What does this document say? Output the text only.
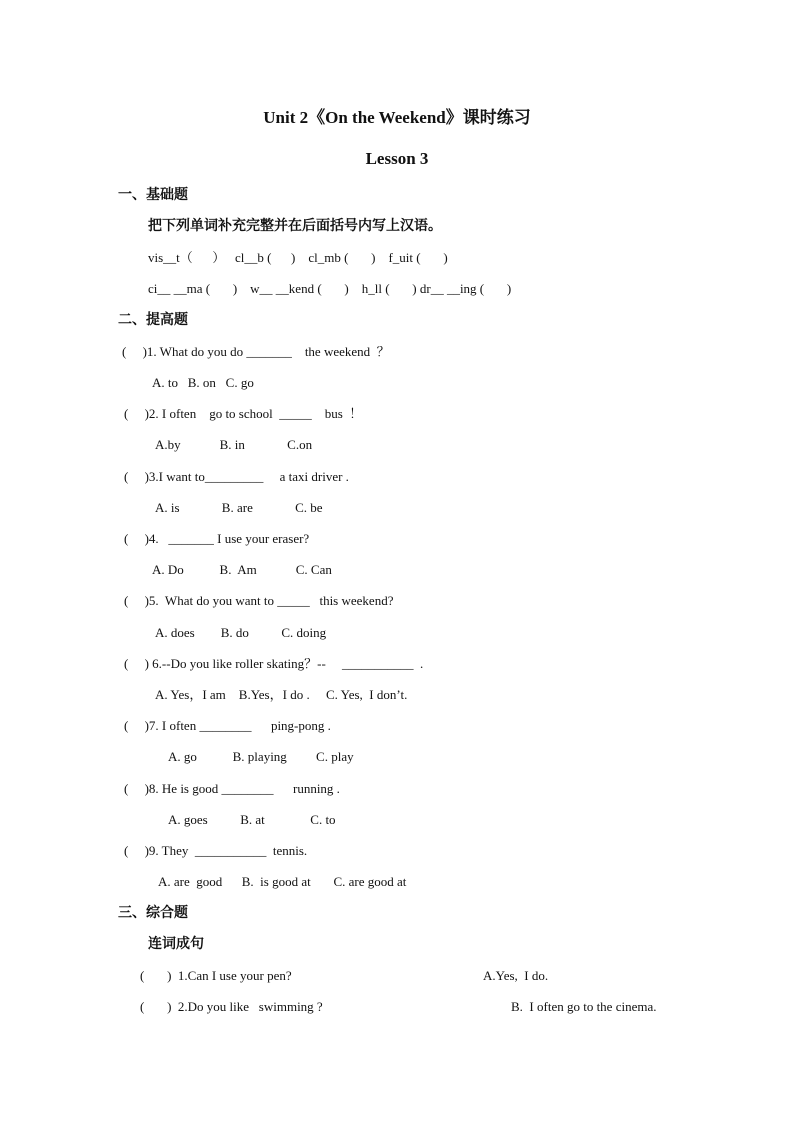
Unit 2《On the Weekend》课时练习
Lesson 3
一、基础题
把下列单词补充完整并在后面括号内写上汉语。
vis__t（      ）   cl__b (      )    cl_mb (       )    f_uit (       )
ci__ __ma (       )    w__ __kend (       )    h_ll (       ) dr__ __ing (       )
二、提高题
(     )1. What do you do _______    the weekend  ？
A. to   B. on   C. go
(     )2. I often    go to school  _____    bus  ！
A.by            B. in             C.on
(     )3.I want to_________     a taxi driver .
A. is             B. are             C. be
(     )4.   _______ I use your eraser?
A. Do           B.  Am            C. Can
(     )5.  What do you want to _____   this weekend?
A. does        B. do          C. doing
(     ) 6.--Do you like roller skating？--     ___________  .
A. Yes，I am    B.Yes，I do .     C. Yes,  I don’t.
(     )7. I often ________      ping-pong .
A. go           B. playing         C. play
(     )8. He is good ________      running .
A. goes          B. at              C. to
(     )9. They  ___________  tennis.
A. are  good      B.  is good at       C. are good at
三、综合题
连词成句
(       )  1.Can I use your pen?	A.Yes,  I do.
(       )  2.Do you like   swimming ?	B.  I often go to the cinema.
